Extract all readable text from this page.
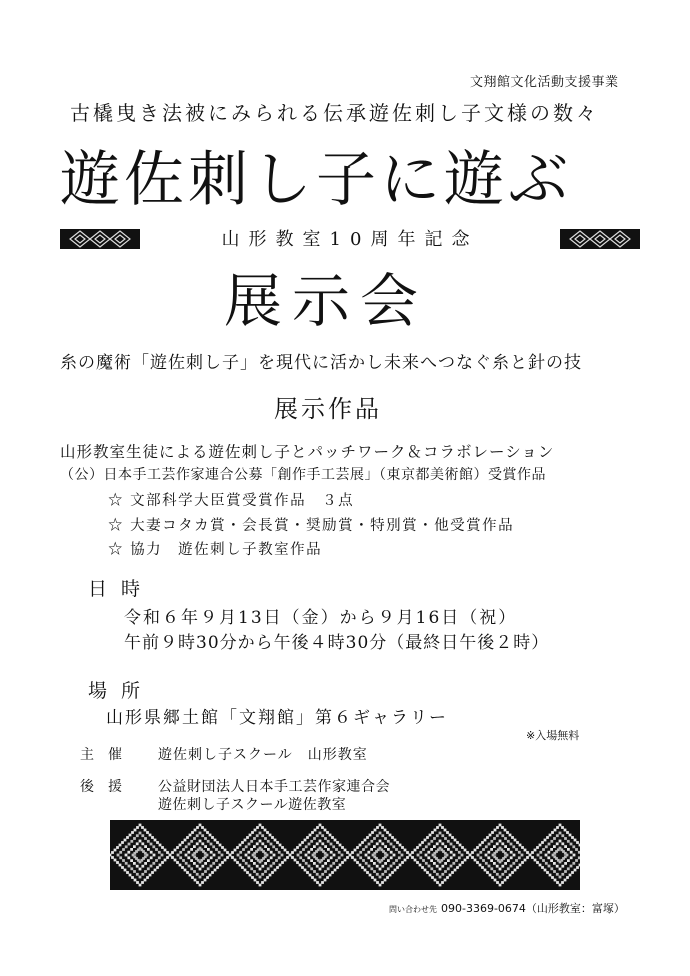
文翔館文化活動支援事業
古橇曳き法被にみられる伝承遊佐刺し子文様の数々
遊佐刺し子に遊ぶ
山形教室10周年記念
展示会
糸の魔術「遊佐刺し子」を現代に活かし未来へつなぐ糸と針の技
展示作品
山形教室生徒による遊佐刺し子とパッチワーク＆コラボレーション
（公）日本手工芸作家連合公募「創作手工芸展」（東京都美術館）受賞作品
☆ 文部科学大臣賞受賞作品　３点
☆ 大妻コタカ賞・会長賞・奨励賞・特別賞・他受賞作品
☆ 協力　遊佐刺し子教室作品
日時
令和６年９月13日（金）から９月16日（祝）
午前９時30分から午後４時30分（最終日午後２時）
場所
山形県郷土館「文翔館」第６ギャラリー
※入場無料
主催 遊佐刺し子スクール　山形教室
後援 公益財団法人日本手工芸作家連合会
遊佐刺し子スクール遊佐教室
問い合わせ先 090-3369-0674（山形教室：富塚）
